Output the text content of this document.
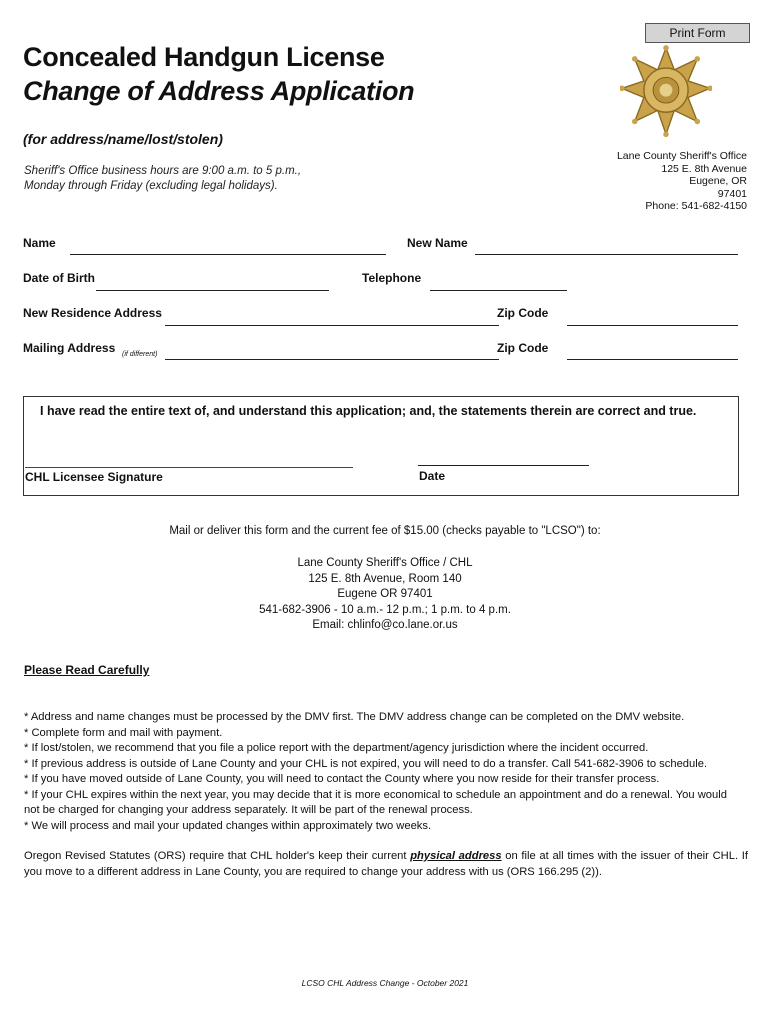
Concealed Handgun License
Change of Address Application
(for address/name/lost/stolen)
Sheriff's Office business hours are 9:00 a.m. to 5 p.m.,
Monday through Friday (excluding legal holidays).
Print Form
Lane County Sheriff's Office
125 E. 8th Avenue
Eugene, OR
97401
Phone: 541-682-4150
Name	New Name
Date of Birth	Telephone
New Residence Address	Zip Code
Mailing Address (if different)	Zip Code
I have read the entire text of, and understand this application; and, the statements therein are correct and true.
CHL Licensee Signature	Date
Mail or deliver this form and the current fee of $15.00 (checks payable to "LCSO") to:
Lane County Sheriff's Office / CHL
125 E. 8th Avenue, Room 140
Eugene OR 97401
541-682-3906 - 10 a.m.- 12 p.m.; 1 p.m. to 4 p.m.
Email: chlinfo@co.lane.or.us
Please Read Carefully
* Address and name changes must be processed by the DMV first. The DMV address change can be completed on the DMV website.
* Complete form and mail with payment.
* If lost/stolen, we recommend that you file a police report with the department/agency jurisdiction where the incident occurred.
* If previous address is outside of Lane County and your CHL is not expired, you will need to do a transfer. Call 541-682-3906 to schedule.
* If you have moved outside of Lane County, you will need to contact the County where you now reside for their transfer process.
* If your CHL expires within the next year, you may decide that it is more economical to schedule an appointment and do a renewal. You would not be charged for changing your address separately. It will be part of the renewal process.
* We will process and mail your updated changes within approximately two weeks.
Oregon Revised Statutes (ORS) require that CHL holder's keep their current physical address on file at all times with the issuer of their CHL. If you move to a different address in Lane County, you are required to change your address with us (ORS 166.295 (2)).
LCSO CHL Address Change - October 2021
